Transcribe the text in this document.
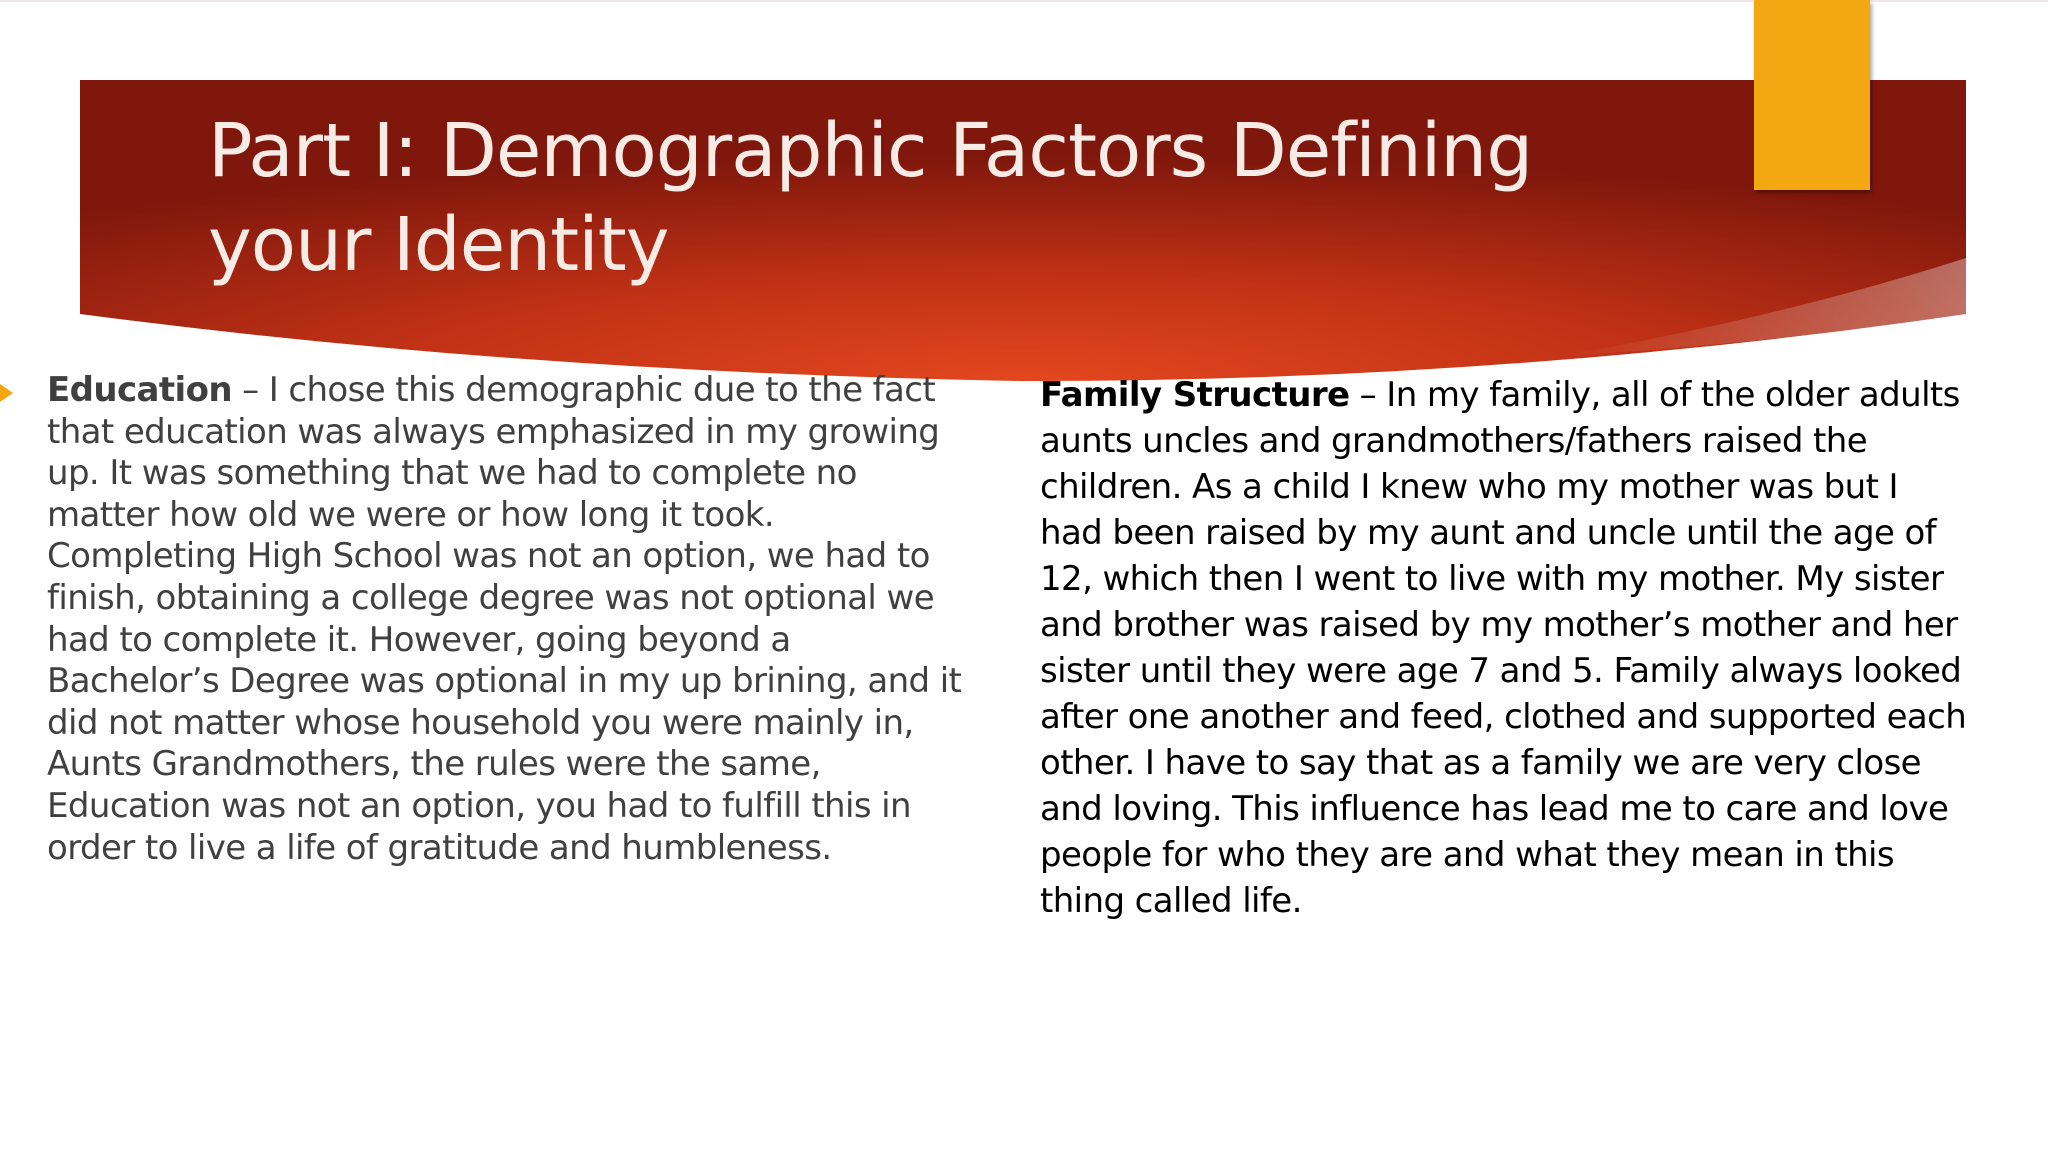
Part I: Demographic Factors Defining your Identity
Education – I chose this demographic due to the fact that education was always emphasized in my growing up. It was something that we had to complete no matter how old we were or how long it took. Completing High School was not an option, we had to finish, obtaining a college degree was not optional we had to complete it. However, going beyond a Bachelor’s Degree was optional in my up brining, and it did not matter whose household you were mainly in, Aunts Grandmothers, the rules were the same, Education was not an option, you had to fulfill this in order to live a life of gratitude and humbleness.
Family Structure – In my family, all of the older adults aunts uncles and grandmothers/fathers raised the children. As a child I knew who my mother was but I had been raised by my aunt and uncle until the age of 12, which then I went to live with my mother. My sister and brother was raised by my mother’s mother and her sister until they were age 7 and 5. Family always looked after one another and feed, clothed and supported each other. I have to say that as a family we are very close and loving. This influence has lead me to care and love people for who they are and what they mean in this thing called life.
